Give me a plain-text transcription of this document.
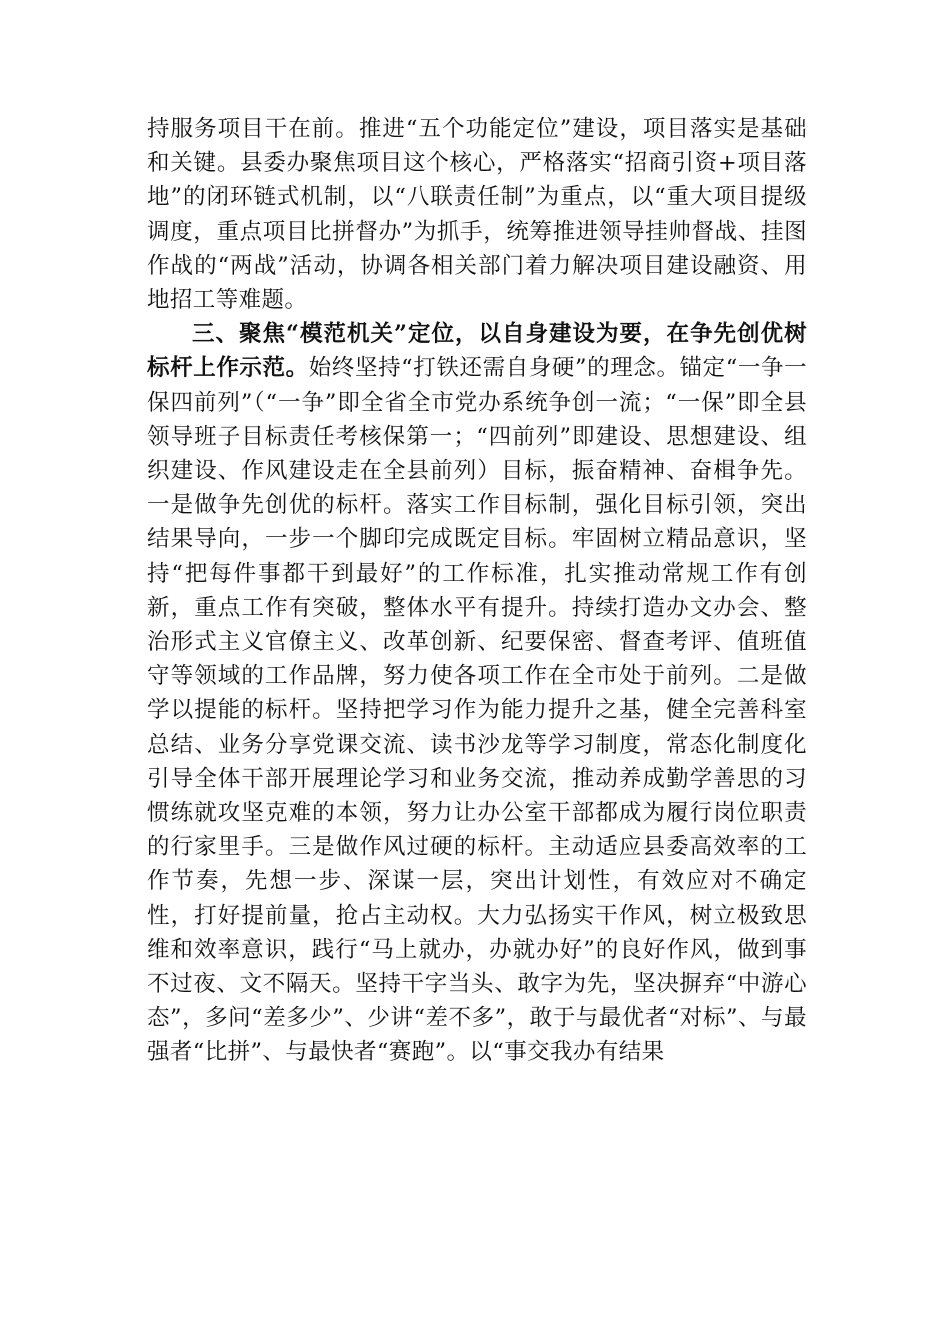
持服务项目干在前。推进“五个功能定位”建设，项目落实是基础和关键。县委办聚焦项目这个核心，严格落实“招商引资+项目落地”的闭环链式机制，以“八联责任制”为重点，以“重大项目提级调度，重点项目比拼督办”为抓手，统筹推进领导挂帅督战、挂图作战的“两战”活动，协调各相关部门着力解决项目建设融资、用地招工等难题。

三、聚焦“模范机关”定位，以自身建设为要，在争先创优树标杆上作示范。始终坚持“打铁还需自身硬”的理念。锚定“一争一保四前列”（“一争”即全省全市党办系统争创一流；“一保”即全县领导班子目标责任考核保第一；“四前列”即建设、思想建设、组织建设、作风建设走在全县前列）目标，振奋精神、奋楫争先。一是做争先创优的标杆。落实工作目标制，强化目标引领，突出结果导向，一步一个脚印完成既定目标。牢固树立精品意识，坚持“把每件事都干到最好”的工作标准，扎实推动常规工作有创新，重点工作有突破，整体水平有提升。持续打造办文办会、整治形式主义官僚主义、改革创新、纪要保密、督查考评、值班值守等领域的工作品牌，努力使各项工作在全市处于前列。二是做学以提能的标杆。坚持把学习作为能力提升之基，健全完善科室总结、业务分享党课交流、读书沙龙等学习制度，常态化制度化引导全体干部开展理论学习和业务交流，推动养成勤学善思的习惯练就攻坚克难的本领，努力让办公室干部都成为履行岗位职责的行家里手。三是做作风过硬的标杆。主动适应县委高效率的工作节奏，先想一步、深谋一层，突出计划性，有效应对不确定性，打好提前量，抢占主动权。大力弘扬实干作风，树立极致思维和效率意识，践行“马上就办，办就办好”的良好作风，做到事不过夜、文不隔天。坚持干字当头、敢字为先，坚决摒弃“中游心态”，多问“差多少”、少讲“差不多”，敢于与最优者“对标”、与最强者“比拼”、与最快者“赛跑”。以“事交我办有结果
